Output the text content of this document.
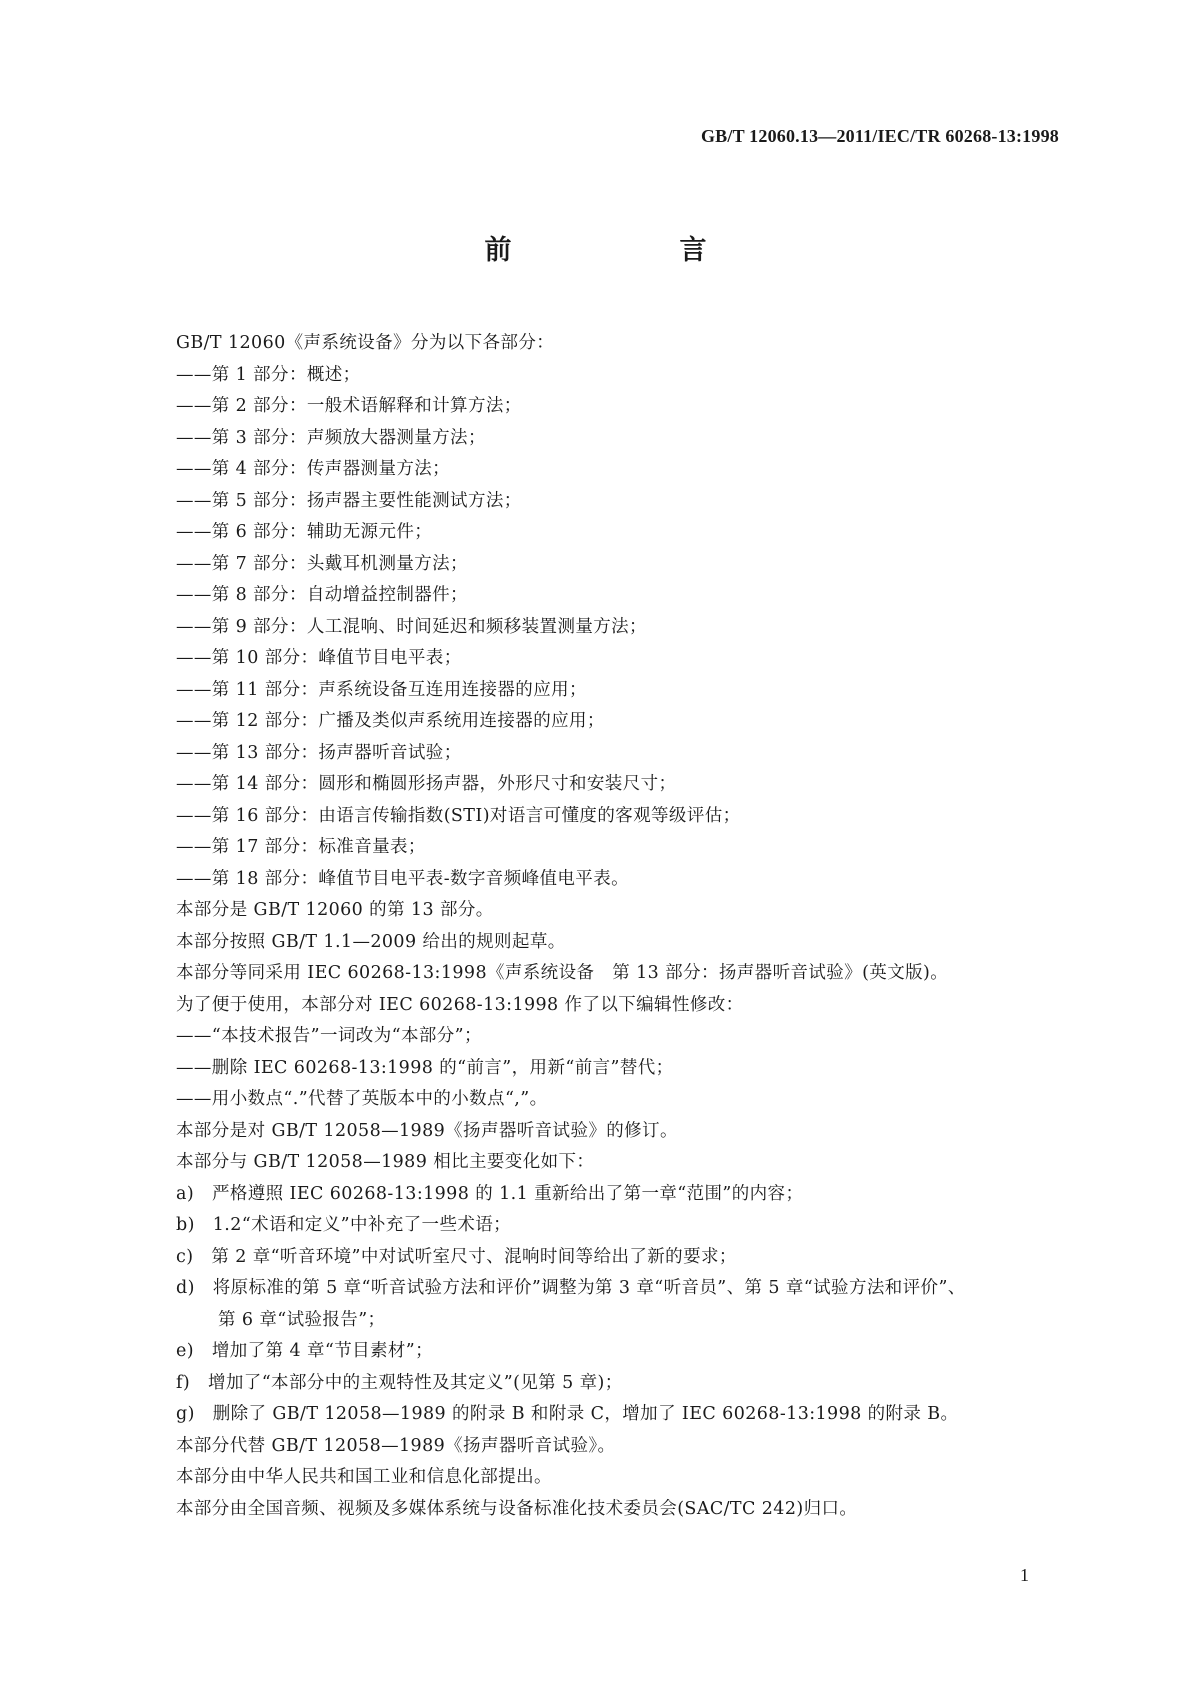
GB/T 12060.13—2011/IEC/TR 60268-13:1998
前　　言
GB/T 12060《声系统设备》分为以下各部分：
——第 1 部分：概述；
——第 2 部分：一般术语解释和计算方法；
——第 3 部分：声频放大器测量方法；
——第 4 部分：传声器测量方法；
——第 5 部分：扬声器主要性能测试方法；
——第 6 部分：辅助无源元件；
——第 7 部分：头戴耳机测量方法；
——第 8 部分：自动增益控制器件；
——第 9 部分：人工混响、时间延迟和频移装置测量方法；
——第 10 部分：峰值节目电平表；
——第 11 部分：声系统设备互连用连接器的应用；
——第 12 部分：广播及类似声系统用连接器的应用；
——第 13 部分：扬声器听音试验；
——第 14 部分：圆形和椭圆形扬声器，外形尺寸和安装尺寸；
——第 16 部分：由语言传输指数(STI)对语言可懂度的客观等级评估；
——第 17 部分：标准音量表；
——第 18 部分：峰值节目电平表-数字音频峰值电平表。
本部分是 GB/T 12060 的第 13 部分。
本部分按照 GB/T 1.1—2009 给出的规则起草。
本部分等同采用 IEC 60268-13:1998《声系统设备　第 13 部分：扬声器听音试验》(英文版)。
为了便于使用，本部分对 IEC 60268-13:1998 作了以下编辑性修改：
——“本技术报告”一词改为“本部分”；
——删除 IEC 60268-13:1998 的“前言”，用新“前言”替代；
——用小数点“.”代替了英版本中的小数点“,”。
本部分是对 GB/T 12058—1989《扬声器听音试验》的修订。
本部分与 GB/T 12058—1989 相比主要变化如下：
a)　严格遵照 IEC 60268-13:1998 的 1.1 重新给出了第一章“范围”的内容；
b)　1.2“术语和定义”中补充了一些术语；
c)　第 2 章“听音环境”中对试听室尺寸、混响时间等给出了新的要求；
d)　将原标准的第 5 章“听音试验方法和评价”调整为第 3 章“听音员”、第 5 章“试验方法和评价”、
第 6 章“试验报告”；
e)　增加了第 4 章“节目素材”；
f)　增加了“本部分中的主观特性及其定义”(见第 5 章)；
g)　删除了 GB/T 12058—1989 的附录 B 和附录 C，增加了 IEC 60268-13:1998 的附录 B。
本部分代替 GB/T 12058—1989《扬声器听音试验》。
本部分由中华人民共和国工业和信息化部提出。
本部分由全国音频、视频及多媒体系统与设备标准化技术委员会(SAC/TC 242)归口。
1
